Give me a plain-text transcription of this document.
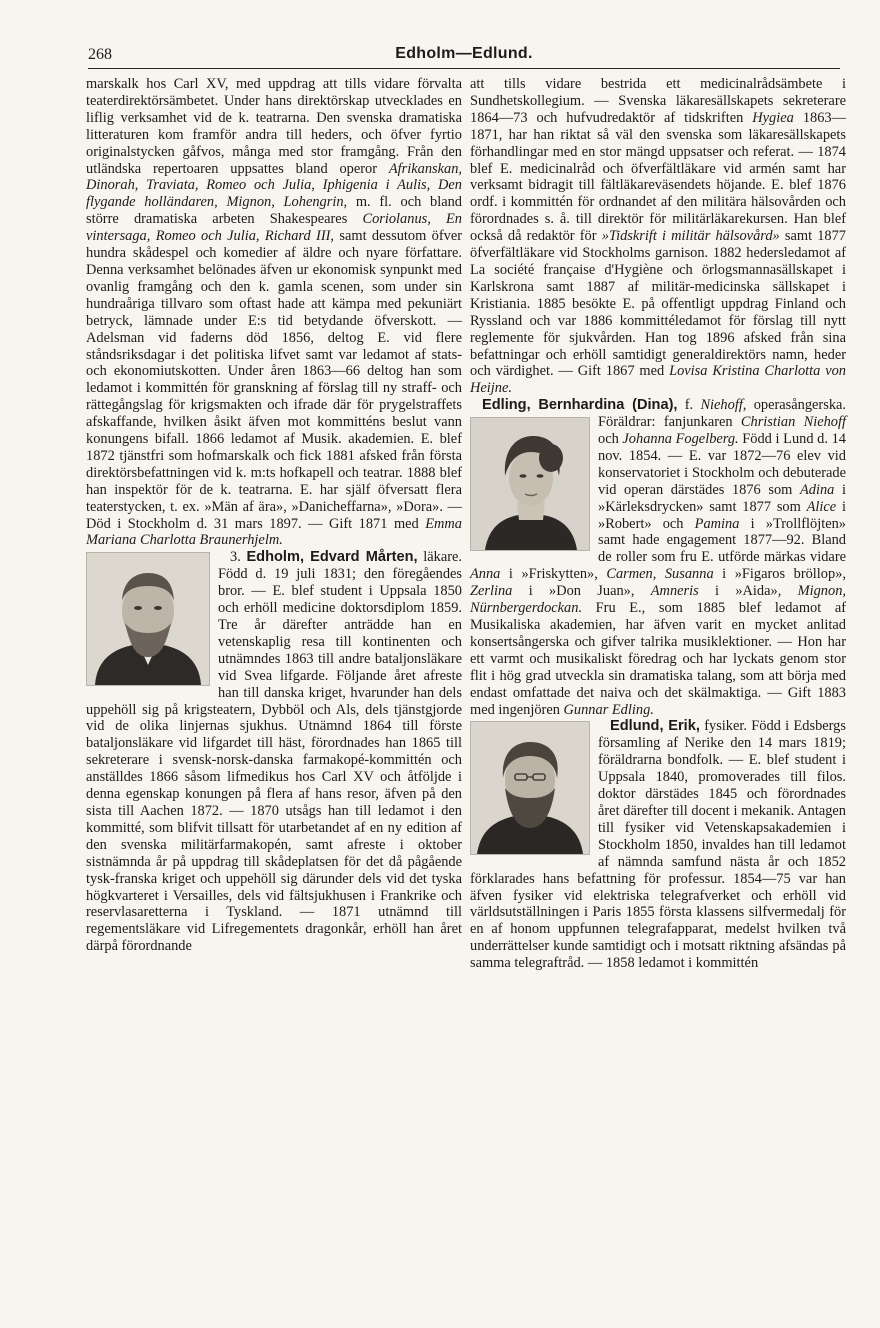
268	Edholm—Edlund.

marskalk hos Carl XV, med uppdrag att tills vidare förvalta teaterdirektörsämbetet. Under hans direktörskap utvecklades en liflig verksamhet vid de k. teatrarna. Den svenska dramatiska litteraturen kom framför andra till heders, och öfver fyrtio originalstycken gåfvos, många med stor framgång. Från den utländska repertoaren uppsattes bland operor Afrikanskan, Dinorah, Traviata, Romeo och Julia, Iphigenia i Aulis, Den flygande holländaren, Mignon, Lohengrin, m. fl. och bland större dramatiska arbeten Shakespeares Coriolanus, En vintersaga, Romeo och Julia, Richard III, samt dessutom öfver hundra skådespel och komedier af äldre och nyare författare. Denna verksamhet belönades äfven ur ekonomisk synpunkt med ovanlig framgång och den k. gamla scenen, som under sin hundraåriga tillvaro som oftast hade att kämpa med pekuniärt betryck, lämnade under E:s tid betydande öfverskott. — Adelsman vid faderns död 1856, deltog E. vid flere ståndsriksdagar i det politiska lifvet samt var ledamot af stats- och ekonomiutskotten. Under åren 1863—66 deltog han som ledamot i kommittén för granskning af förslag till ny straff- och rättegångslag för krigsmakten och ifrade där för prygelstraffets afskaffande, hvilken åsikt äfven mot kommitténs beslut vann konungens bifall. 1866 ledamot af Musik. akademien. E. blef 1872 tjänstfri som hofmarskalk och fick 1881 afsked från första direktörsbefattningen vid k. m:ts hofkapell och teatrar. 1888 blef han inspektör för de k. teatrarna. E. har själf öfversatt flera teaterstycken, t. ex. »Män af ära», »Danicheffarna», »Dora». — Död i Stockholm d. 31 mars 1897. — Gift 1871 med Emma Mariana Charlotta Braunerhjelm.

3. Edholm, Edvard Mårten,
läkare. Född d. 19 juli 1831; den föregåendes bror. — E. blef student i Uppsala 1850 och erhöll medicine doktorsdiplom 1859. Tre år därefter anträdde han en vetenskaplig resa till kontinenten och utnämndes 1863 till andre bataljonsläkare vid Svea lifgarde. Följande året afreste han till danska kriget, hvarunder han dels uppehöll sig på krigsteatern, Dybböl och Als, dels tjänstgjorde vid de olika linjernas sjukhus. Utnämnd 1864 till förste bataljonsläkare vid lifgardet till häst, förordnades han 1865 till sekreterare i svensk-norsk-danska farmakopé-kommittén och anställdes 1866 såsom lifmedikus hos Carl XV och åtföljde i denna egenskap konungen på flera af hans resor, äfven på den sista till Aachen 1872. — 1870 utsågs han till ledamot i den kommitté, som blifvit tillsatt för utarbetandet af en ny edition af den svenska militärfarmakopén, samt afreste i oktober sistnämnda år på uppdrag till skådeplatsen för det då pågående tysk-franska kriget och uppehöll sig därunder dels vid det tyska högkvarteret i Versailles, dels vid fältsjukhusen i Frankrike och reservlasaretterna i Tyskland. — 1871 utnämnd till regementsläkare vid Lifregementets dragonkår, erhöll han året därpå förordnande

att tills vidare bestrida ett medicinalrådsämbete i Sundhetskollegium. — Svenska läkaresällskapets sekreterare 1864—73 och hufvudredaktör af tidskriften Hygiea 1863—1871, har han riktat så väl den svenska som läkaresällskapets förhandlingar med en stor mängd uppsatser och referat. — 1874 blef E. medicinalråd och öfverfältläkare vid armén samt har verksamt bidragit till fältläkareväsendets höjande. E. blef 1876 ordf. i kommittén för ordnandet af den militära hälsovården och förordnades s. å. till direktör för militärläkarekursen. Han blef också då redaktör för »Tidskrift i militär hälsovård» samt 1877 öfverfältläkare vid Stockholms garnison. 1882 hedersledamot af La société française d'Hygiène och örlogsmannasällskapet i Karlskrona samt 1887 af militär-medicinska sällskapet i Kristiania. 1885 besökte E. på offentligt uppdrag Finland och Ryssland och var 1886 kommittéledamot för förslag till nytt reglemente för sjukvården. Han tog 1896 afsked från sina befattningar och erhöll samtidigt generaldirektörs namn, heder och värdighet. — Gift 1867 med Lovisa Kristina Charlotta von Heijne.

Edling, Bernhardina (Dina), f. Niehoff, operasångerska. Föräldrar: fanjunkaren
Christian Niehoff och Johanna Fogelberg. Född i Lund d. 14 nov. 1854. — E. var 1872—76 elev vid konservatoriet i Stockholm och debuterade vid operan därstädes 1876 som Adina i »Kärleksdrycken» samt 1877 som Alice i »Robert» och Pamina i »Trollflöjten» samt hade engagement 1877—92. Bland de roller som fru E. utförde märkas vidare Anna i »Friskytten», Carmen, Susanna i »Figaros bröllop», Zerlina i »Don Juan», Amneris i »Aida», Mignon, Nürnbergerdockan. Fru E., som 1885 blef ledamot af Musikaliska akademien, har äfven varit en mycket anlitad konsertsångerska och gifver talrika musiklektioner. — Hon har ett varmt och musikaliskt föredrag och har lyckats genom stor flit i hög grad utveckla sin dramatiska talang, som att börja med endast omfattade det naiva och det skälmaktiga. — Gift 1883 med ingenjören Gunnar Edling.

Edlund, Erik,
fysiker. Född i Edsbergs församling af Nerike den 14 mars 1819; föräldrarna bondfolk. — E. blef student i Uppsala 1840, promoverades till filos. doktor därstädes 1845 och förordnades året därefter till docent i mekanik. Antagen till fysiker vid Vetenskapsakademien i Stockholm 1850, invaldes han till ledamot af nämnda samfund nästa år och 1852 förklarades hans befattning för professur. 1854—75 var han äfven fysiker vid elektriska telegrafverket och erhöll vid världsutställningen i Paris 1855 första klassens silfvermedalj för en af honom uppfunnen telegrafapparat, medelst hvilken två underrättelser kunde samtidigt och i motsatt riktning afsändas på samma telegraftråd. — 1858 ledamot i kommittén
